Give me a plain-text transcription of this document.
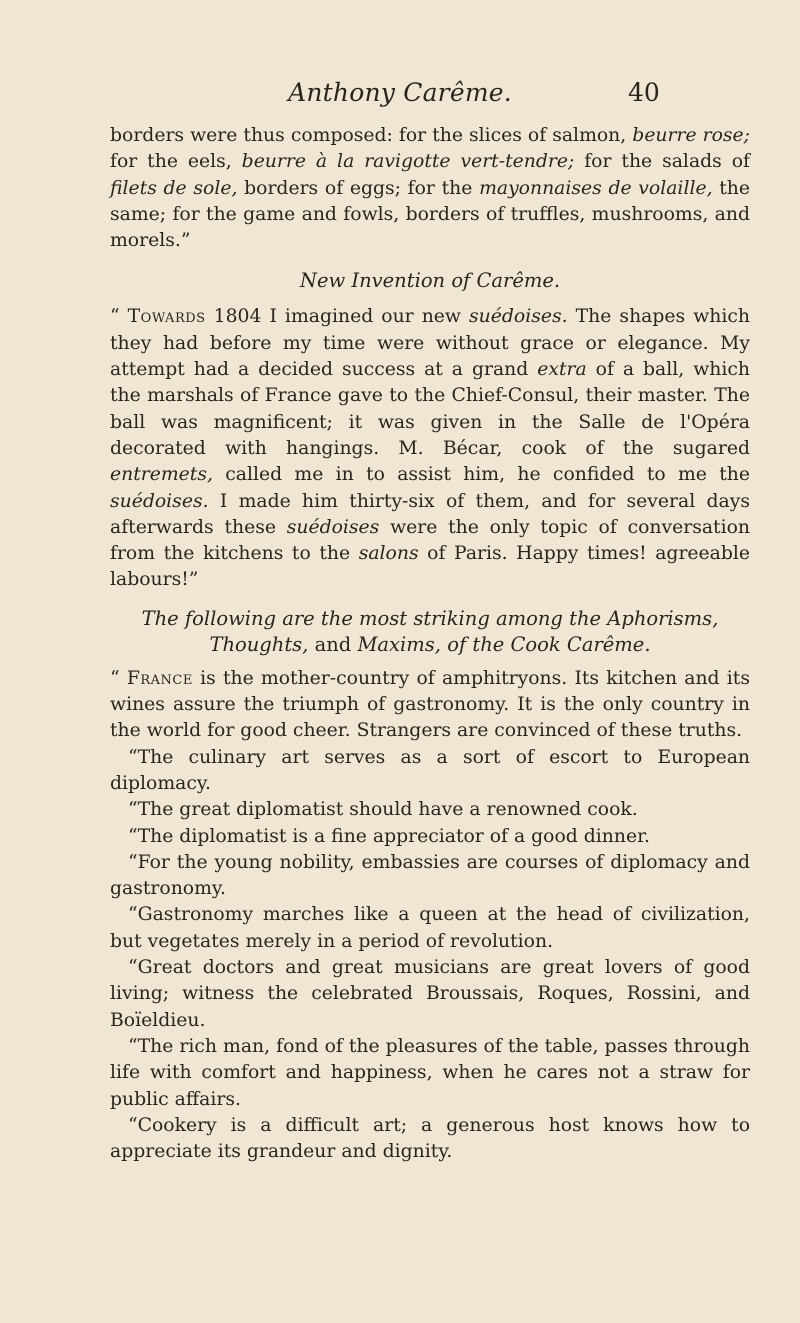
Anthony Carême.	40

borders were thus composed: for the slices of salmon, beurre rose; for the eels, beurre à la ravigotte vert-tendre; for the salads of filets de sole, borders of eggs; for the mayonnaises de volaille, the same; for the game and fowls, borders of truffles, mushrooms, and morels.”

New Invention of Carême.

“ Towards 1804 I imagined our new suédoises. The shapes which they had before my time were without grace or elegance. My attempt had a decided success at a grand extra of a ball, which the marshals of France gave to the Chief-Consul, their master. The ball was magnificent; it was given in the Salle de l'Opéra decorated with hangings. M. Bécar, cook of the sugared entremets, called me in to assist him, he confided to me the suédoises. I made him thirty-six of them, and for several days afterwards these suédoises were the only topic of conversation from the kitchens to the salons of Paris. Happy times! agreeable labours!”

The following are the most striking among the Aphorisms,
Thoughts, and Maxims, of the Cook Carême.

“ France is the mother-country of amphitryons. Its kitchen and its wines assure the triumph of gastronomy. It is the only country in the world for good cheer. Strangers are convinced of these truths.

“The culinary art serves as a sort of escort to European diplomacy.

“The great diplomatist should have a renowned cook.

“The diplomatist is a fine appreciator of a good dinner.

“For the young nobility, embassies are courses of diplomacy and gastronomy.

“Gastronomy marches like a queen at the head of civilization, but vegetates merely in a period of revolution.

“Great doctors and great musicians are great lovers of good living; witness the celebrated Broussais, Roques, Rossini, and Boïeldieu.

“The rich man, fond of the pleasures of the table, passes through life with comfort and happiness, when he cares not a straw for public affairs.

“Cookery is a difficult art; a generous host knows how to appreciate its grandeur and dignity.
